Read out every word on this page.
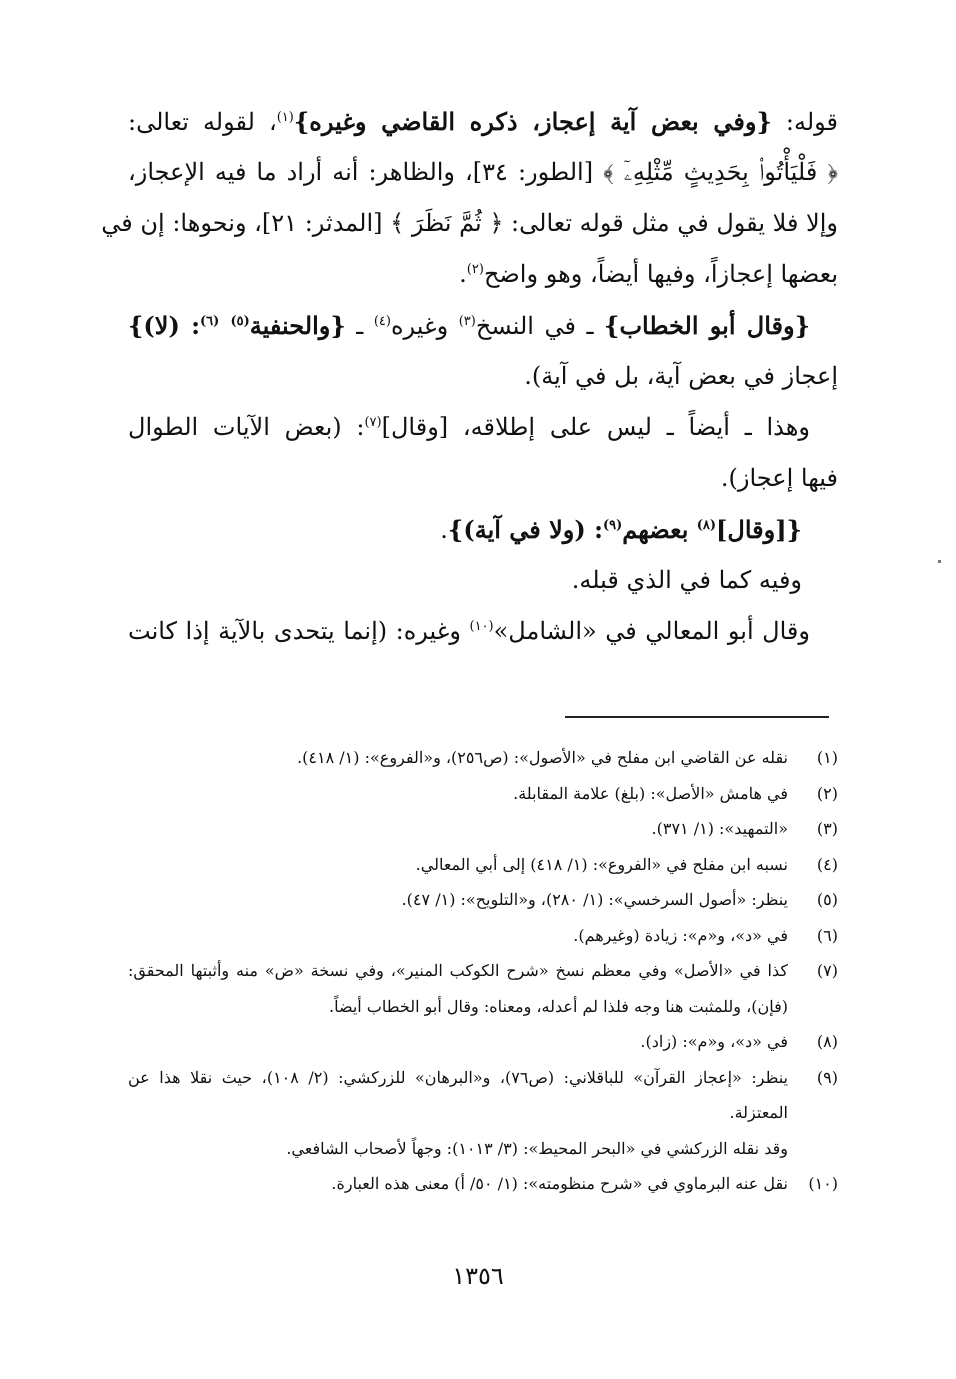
قوله: {وفي بعض آية إعجاز، ذكره القاضي وغيره}$^{(١)}$، لقوله تعالى:
﴿ فَلْيَأْتُوا۟ بِحَدِيثٍ مِّثْلِهِۦٓ ﴾ [الطور: ٣٤]، والظاهر: أنه أراد ما فيه الإعجاز،
وإلا فلا يقول في مثل قوله تعالى: ﴿ ثُمَّ نَظَرَ ﴾ [المدثر: ٢١]، ونحوها: إن في
بعضها إعجازاً، وفيها أيضاً، وهو واضح$^{(٢)}$.
{وقال أبو الخطاب} ـ في النسخ$^{(٣)}$ وغيره$^{(٤)}$ ـ {والحنفية$^{(٥)}$ $^{(٦)}$: (لا)}
إعجاز في بعض آية، بل في آية).
وهذا ـ أيضاً ـ ليس على إطلاقه، [وقال]$^{(٧)}$: (بعض الآيات الطوال
فيها إعجاز).
{[وقال]$^{(٨)}$ بعضهم$^{(٩)}$: (ولا في آية)}.
وفيه كما في الذي قبله.
وقال أبو المعالي في «الشامل»$^{(١٠)}$ وغيره: (إنما يتحدى بالآية إذا كانت
(١)
نقله عن القاضي ابن مفلح في «الأصول»: (ص٢٥٦)، و«الفروع»: (١/ ٤١٨).
(٢)
في هامش «الأصل»: (بلغ) علامة المقابلة.
(٣)
«التمهيد»: (١/ ٣٧١).
(٤)
نسبه ابن مفلح في «الفروع»: (١/ ٤١٨) إلى أبي المعالي.
(٥)
ينظر: «أصول السرخسي»: (١/ ٢٨٠)، و«التلويح»: (١/ ٤٧).
(٦)
في «د»، و«م»: زيادة (وغيرهم).
(٧)
كذا في «الأصل» وفي معظم نسخ «شرح الكوكب المنير»، وفي نسخة «ض» منه وأثبتها المحقق: (فإن)، وللمثبت هنا وجه فلذا لم أعدله، ومعناه: وقال أبو الخطاب أيضاً.
(٨)
في «د»، و«م»: (زاد).
(٩)
ينظر: «إعجاز القرآن» للباقلاني: (ص٧٦)، و«البرهان» للزركشي: (٢/ ١٠٨)، حيث نقلا هذا عن المعتزلة.
وقد نقله الزركشي في «البحر المحيط»: (٣/ ١٠١٣): وجهاً لأصحاب الشافعي.
(١٠)
نقل عنه البرماوي في «شرح منظومته»: (١/ ٥٠/ أ) معنى هذه العبارة.
١٣٥٦
